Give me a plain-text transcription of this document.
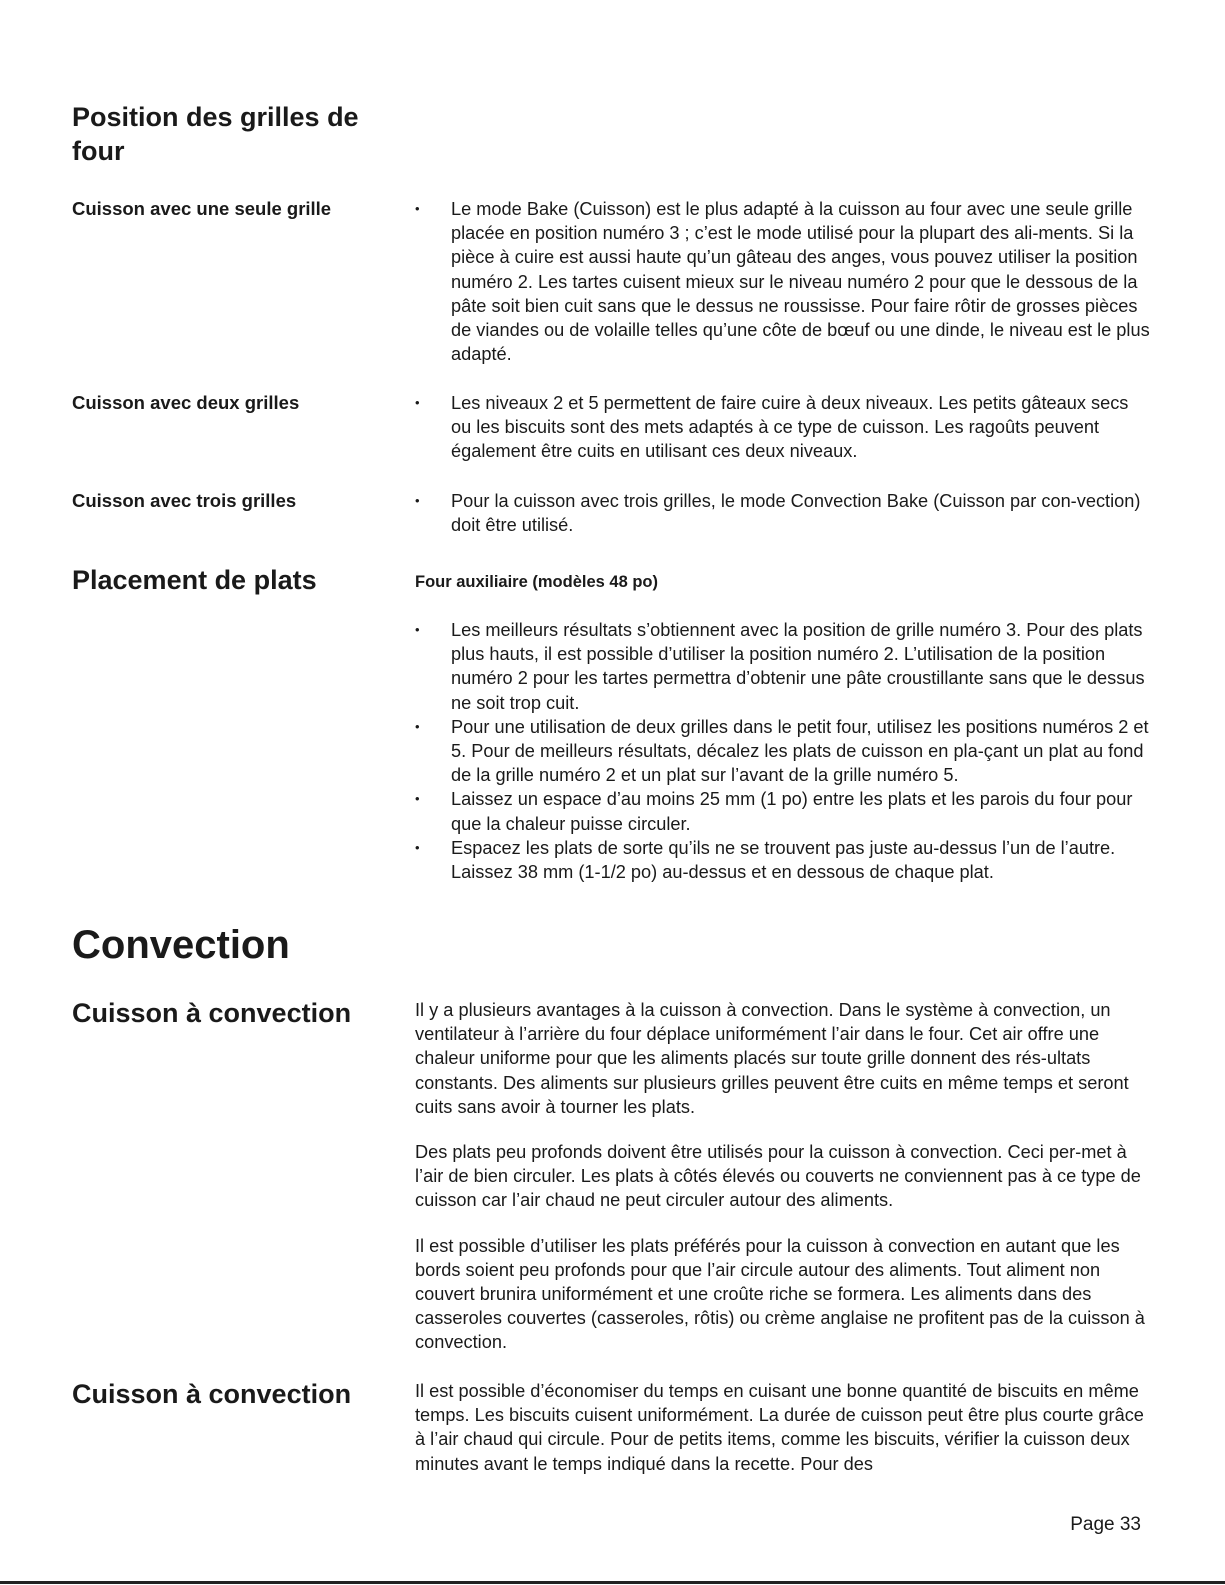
Position des grilles de four
Cuisson avec une seule grille	• Le mode Bake (Cuisson) est le plus adapté à la cuisson au four avec une seule grille placée en position numéro 3 ; c’est le mode utilisé pour la plupart des ali-ments. Si la pièce à cuire est aussi haute qu’un gâteau des anges, vous pouvez utiliser la position numéro 2. Les tartes cuisent mieux sur le niveau numéro 2 pour que le dessous de la pâte soit bien cuit sans que le dessus ne roussisse. Pour faire rôtir de grosses pièces de viandes ou de volaille telles qu’une côte de bœuf ou une dinde, le niveau est le plus adapté.
Cuisson avec deux grilles	• Les niveaux 2 et 5 permettent de faire cuire à deux niveaux. Les petits gâteaux secs ou les biscuits sont des mets adaptés à ce type de cuisson. Les ragoûts peuvent également être cuits en utilisant ces deux niveaux.
Cuisson avec trois grilles	• Pour la cuisson avec trois grilles, le mode Convection Bake (Cuisson par con-vection) doit être utilisé.
Placement de plats	Four auxiliaire (modèles 48 po)
• Les meilleurs résultats s’obtiennent avec la position de grille numéro 3. Pour des plats plus hauts, il est possible d’utiliser la position numéro 2. L’utilisation de la position numéro 2 pour les tartes permettra d’obtenir une pâte croustillante sans que le dessus ne soit trop cuit.
• Pour une utilisation de deux grilles dans le petit four, utilisez les positions numéros 2 et 5. Pour de meilleurs résultats, décalez les plats de cuisson en pla-çant un plat au fond de la grille numéro 2 et un plat sur l’avant de la grille numéro 5.
• Laissez un espace d’au moins 25 mm (1 po) entre les plats et les parois du four pour que la chaleur puisse circuler.
• Espacez les plats de sorte qu’ils ne se trouvent pas juste au-dessus l’un de l’autre. Laissez 38 mm (1-1/2 po) au-dessus et en dessous de chaque plat.
Convection
Cuisson à convection	Il y a plusieurs avantages à la cuisson à convection. Dans le système à convection, un ventilateur à l’arrière du four déplace uniformément l’air dans le four. Cet air offre une chaleur uniforme pour que les aliments placés sur toute grille donnent des rés-ultats constants. Des aliments sur plusieurs grilles peuvent être cuits en même temps et seront cuits sans avoir à tourner les plats.

Des plats peu profonds doivent être utilisés pour la cuisson à convection. Ceci per-met à l’air de bien circuler. Les plats à côtés élevés ou couverts ne conviennent pas à ce type de cuisson car l’air chaud ne peut circuler autour des aliments.

Il est possible d’utiliser les plats préférés pour la cuisson à convection en autant que les bords soient peu profonds pour que l’air circule autour des aliments. Tout aliment non couvert brunira uniformément et une croûte riche se formera. Les aliments dans des casseroles couvertes (casseroles, rôtis) ou crème anglaise ne profitent pas de la cuisson à convection.

Cuisson à convection	Il est possible d’économiser du temps en cuisant une bonne quantité de biscuits en même temps. Les biscuits cuisent uniformément. La durée de cuisson peut être plus courte grâce à l’air chaud qui circule. Pour de petits items, comme les biscuits, vérifier la cuisson deux minutes avant le temps indiqué dans la recette. Pour des

Page 33
